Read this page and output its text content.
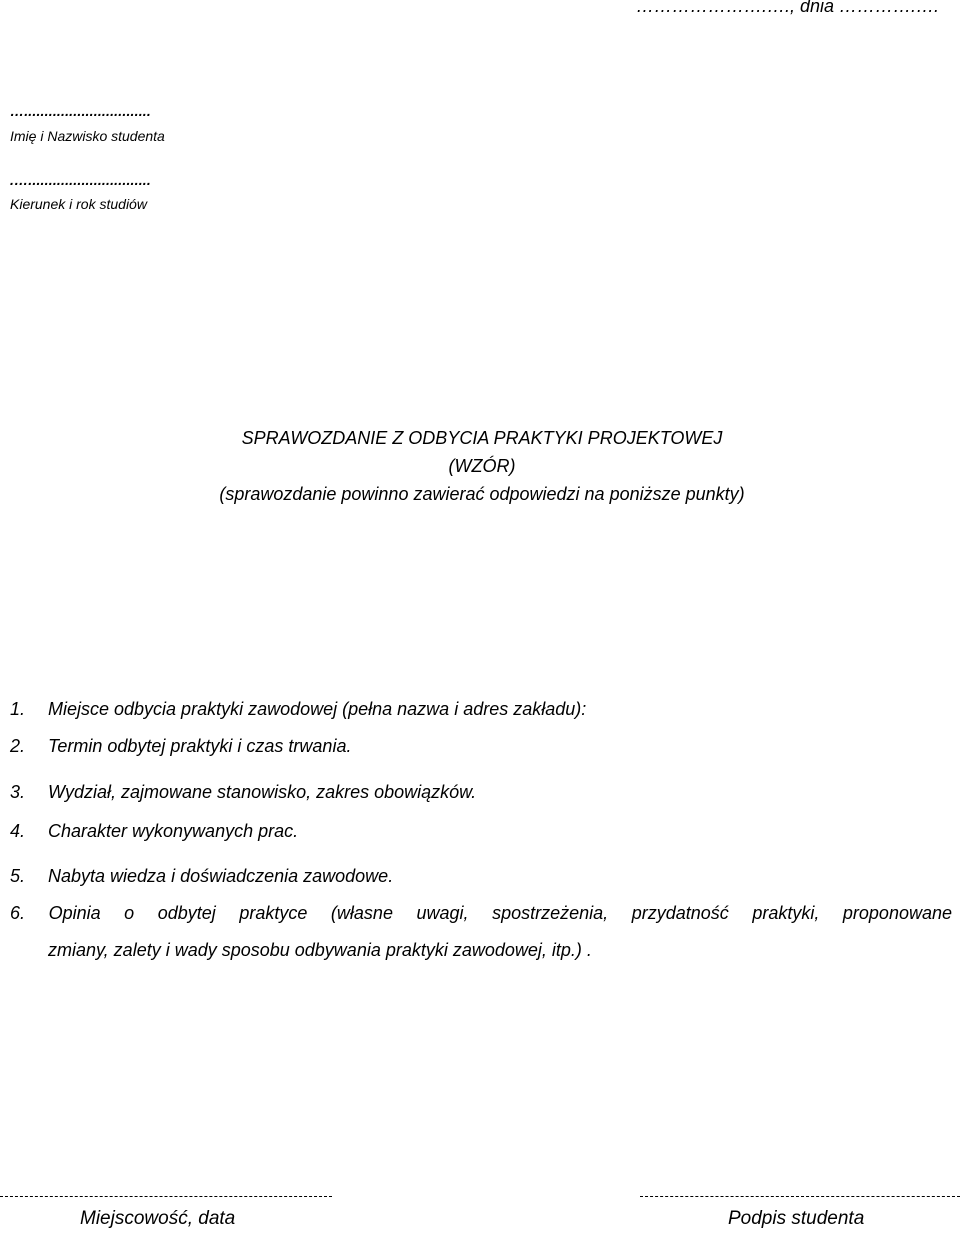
………………….…., dnia ………….….
…...............................
Imię i Nazwisko studenta
.…..............................
Kierunek i rok studiów
SPRAWOZDANIE Z ODBYCIA PRAKTYKI PROJEKTOWEJ
(WZÓR)
(sprawozdanie powinno zawierać odpowiedzi na poniższe punkty)
1. Miejsce odbycia praktyki zawodowej (pełna nazwa i adres zakładu):
2. Termin odbytej praktyki i czas trwania.
3. Wydział, zajmowane stanowisko, zakres obowiązków.
4. Charakter wykonywanych prac.
5. Nabyta wiedza i doświadczenia zawodowe.
6. Opinia o odbytej praktyce (własne uwagi, spostrzeżenia, przydatność praktyki, proponowane
zmiany, zalety i wady sposobu odbywania praktyki zawodowej, itp.) .
Miejscowość, data	Podpis studenta
